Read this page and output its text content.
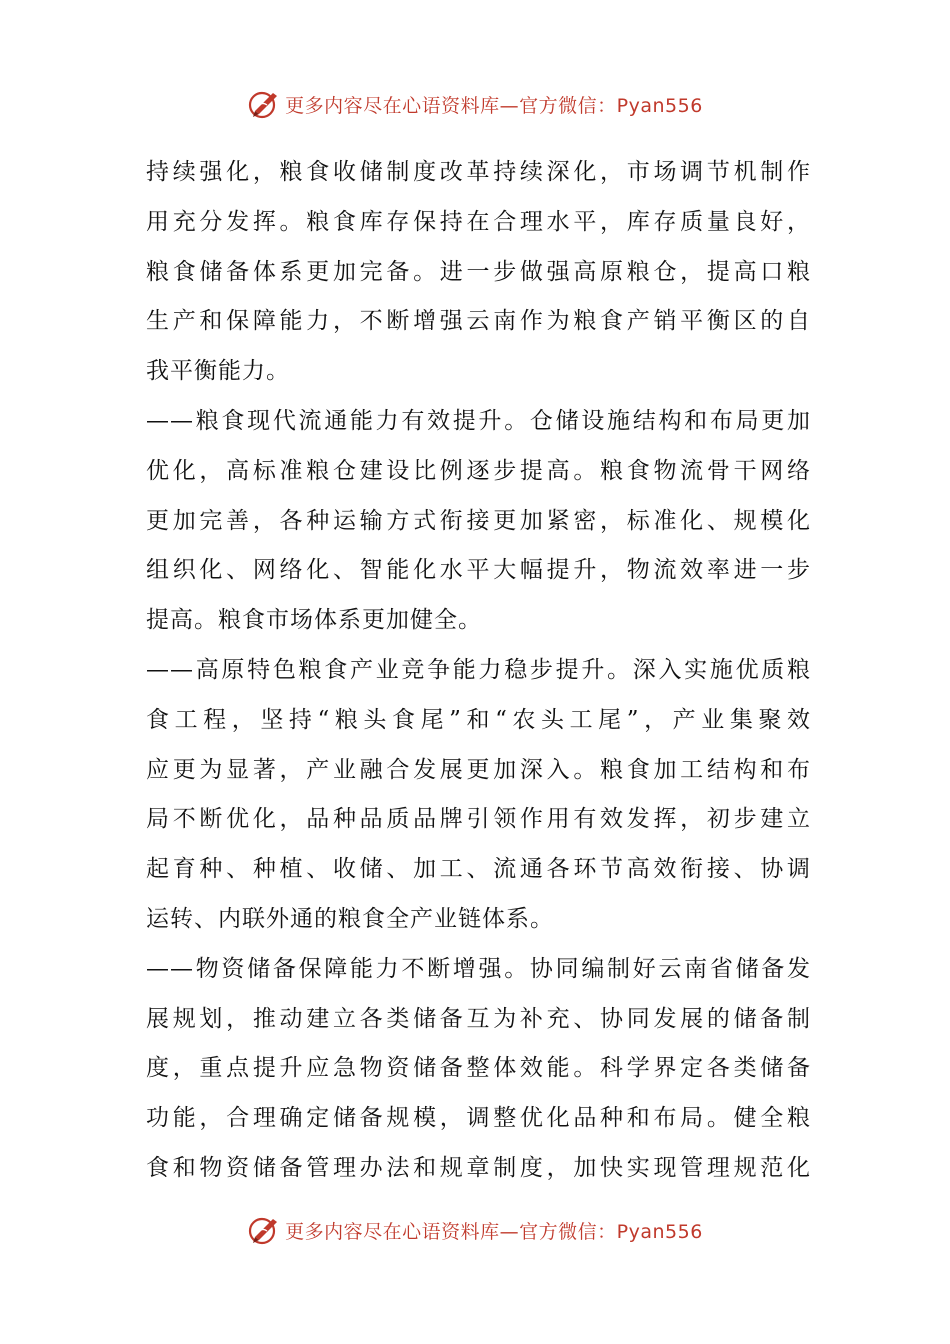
更多内容尽在心语资料库—官方微信：Pyan556
持续强化，粮食收储制度改革持续深化，市场调节机制作
用充分发挥。粮食库存保持在合理水平，库存质量良好，
粮食储备体系更加完备。进一步做强高原粮仓，提高口粮
生产和保障能力，不断增强云南作为粮食产销平衡区的自
我平衡能力。
——粮食现代流通能力有效提升。仓储设施结构和布局更加
优化，高标准粮仓建设比例逐步提高。粮食物流骨干网络
更加完善，各种运输方式衔接更加紧密，标准化、规模化
组织化、网络化、智能化水平大幅提升，物流效率进一步
提高。粮食市场体系更加健全。
——高原特色粮食产业竞争能力稳步提升。深入实施优质粮
食工程，坚持“粮头食尾”和“农头工尾”，产业集聚效
应更为显著，产业融合发展更加深入。粮食加工结构和布
局不断优化，品种品质品牌引领作用有效发挥，初步建立
起育种、种植、收储、加工、流通各环节高效衔接、协调
运转、内联外通的粮食全产业链体系。
——物资储备保障能力不断增强。协同编制好云南省储备发
展规划，推动建立各类储备互为补充、协同发展的储备制
度，重点提升应急物资储备整体效能。科学界定各类储备
功能，合理确定储备规模，调整优化品种和布局。健全粮
食和物资储备管理办法和规章制度，加快实现管理规范化
更多内容尽在心语资料库—官方微信：Pyan556
